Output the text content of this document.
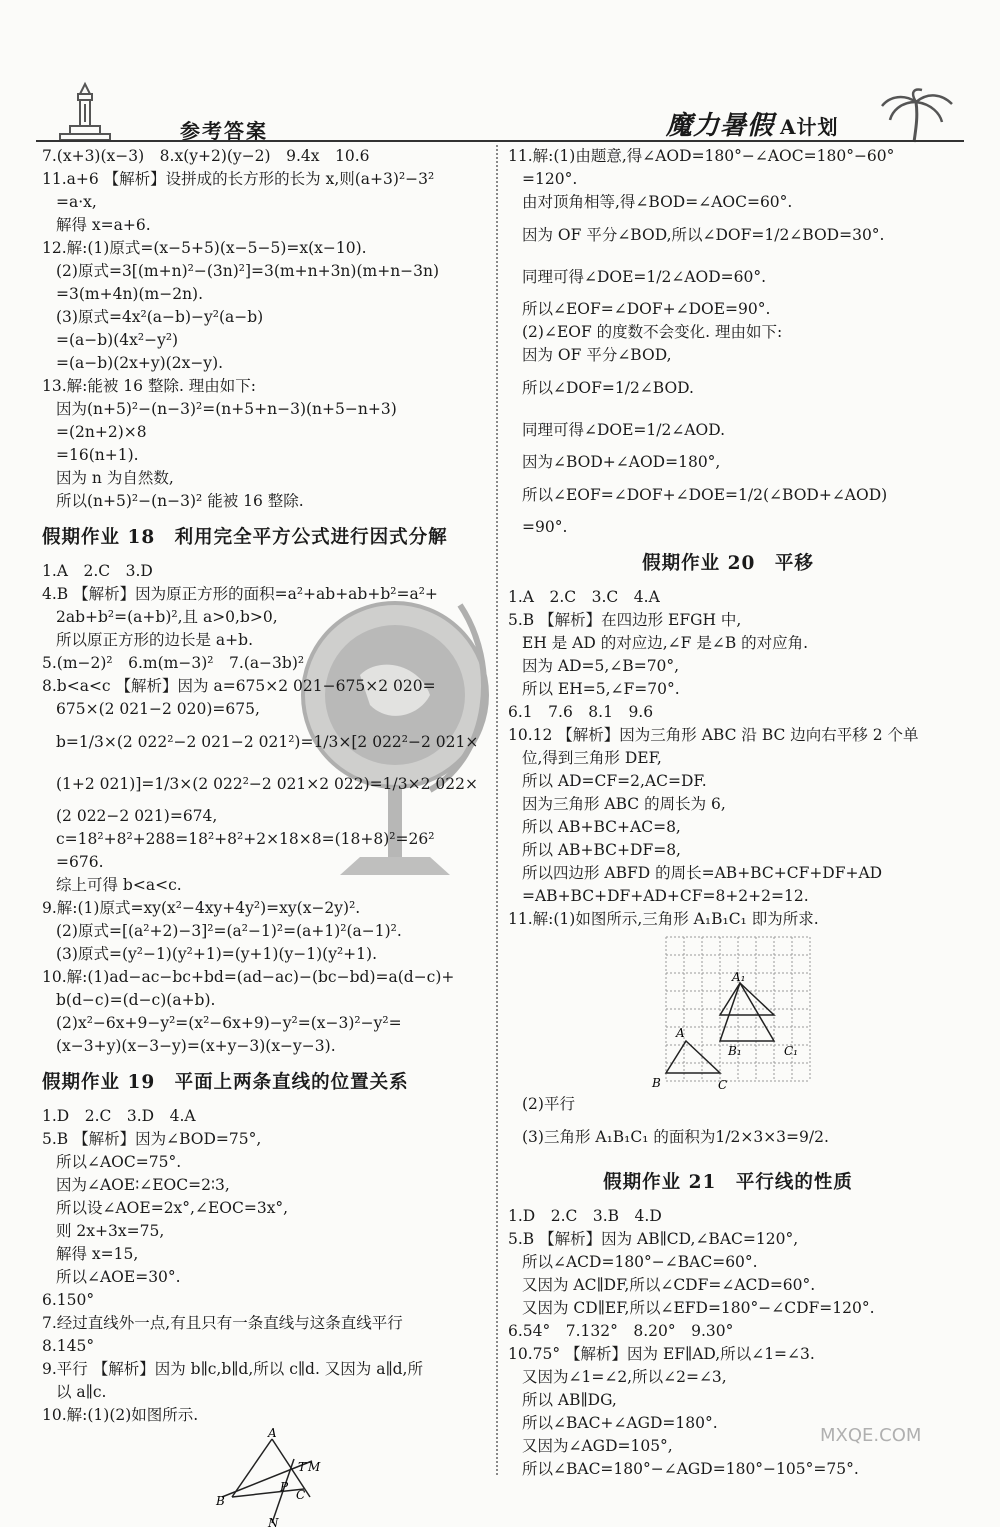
参考答案	魔力暑假 A计划
7.(x+3)(x−3)　8.x(y+2)(y−2)　9.4x　10.6
11.a+6 【解析】设拼成的长方形的长为 x,则(a+3)²−3²
=a·x,
解得 x=a+6.
12.解:(1)原式=(x−5+5)(x−5−5)=x(x−10).
(2)原式=3[(m+n)²−(3n)²]=3(m+n+3n)(m+n−3n)
=3(m+4n)(m−2n).
(3)原式=4x²(a−b)−y²(a−b)
=(a−b)(4x²−y²)
=(a−b)(2x+y)(2x−y).
13.解:能被 16 整除. 理由如下:
因为(n+5)²−(n−3)²=(n+5+n−3)(n+5−n+3)
=(2n+2)×8
=16(n+1).
因为 n 为自然数,
所以(n+5)²−(n−3)² 能被 16 整除.
假期作业 18　利用完全平方公式进行因式分解
1.A　2.C　3.D
4.B 【解析】因为原正方形的面积=a²+ab+ab+b²=a²+
2ab+b²=(a+b)²,且 a>0,b>0,
所以原正方形的边长是 a+b.
5.(m−2)²　6.m(m−3)²　7.(a−3b)²
8.b<a<c 【解析】因为 a=675×2 021−675×2 020=
675×(2 021−2 020)=675,
b=1/3×(2 022²−2 021−2 021²)=1/3×[2 022²−2 021×
(1+2 021)]=1/3×(2 022²−2 021×2 022)=1/3×2 022×
(2 022−2 021)=674,
c=18²+8²+288=18²+8²+2×18×8=(18+8)²=26²
=676.
综上可得 b<a<c.
9.解:(1)原式=xy(x²−4xy+4y²)=xy(x−2y)².
(2)原式=[(a²+2)−3]²=(a²−1)²=(a+1)²(a−1)².
(3)原式=(y²−1)(y²+1)=(y+1)(y−1)(y²+1).
10.解:(1)ad−ac−bc+bd=(ad−ac)−(bc−bd)=a(d−c)+
b(d−c)=(d−c)(a+b).
(2)x²−6x+9−y²=(x²−6x+9)−y²=(x−3)²−y²=
(x−3+y)(x−3−y)=(x+y−3)(x−y−3).
假期作业 19　平面上两条直线的位置关系
1.D　2.C　3.D　4.A
5.B 【解析】因为∠BOD=75°,
所以∠AOC=75°.
因为∠AOE∶∠EOC=2∶3,
所以设∠AOE=2x°,∠EOC=3x°,
则 2x+3x=75,
解得 x=15,
所以∠AOE=30°.
6.150°
7.经过直线外一点,有且只有一条直线与这条直线平行
8.145°
9.平行 【解析】因为 b∥c,b∥d,所以 c∥d. 又因为 a∥d,所
以 a∥c.
10.解:(1)(2)如图所示.
A
B
T M
P
C
N
11.解:(1)由题意,得∠AOD=180°−∠AOC=180°−60°
=120°.
由对顶角相等,得∠BOD=∠AOC=60°.
因为 OF 平分∠BOD,所以∠DOF=1/2∠BOD=30°.
同理可得∠DOE=1/2∠AOD=60°.
所以∠EOF=∠DOF+∠DOE=90°.
(2)∠EOF 的度数不会变化. 理由如下:
因为 OF 平分∠BOD,
所以∠DOF=1/2∠BOD.
同理可得∠DOE=1/2∠AOD.
因为∠BOD+∠AOD=180°,
所以∠EOF=∠DOF+∠DOE=1/2(∠BOD+∠AOD)
=90°.
假期作业 20　平移
1.A　2.C　3.C　4.A
5.B 【解析】在四边形 EFGH 中,
EH 是 AD 的对应边,∠F 是∠B 的对应角.
因为 AD=5,∠B=70°,
所以 EH=5,∠F=70°.
6.1　7.6　8.1　9.6
10.12 【解析】因为三角形 ABC 沿 BC 边向右平移 2 个单
位,得到三角形 DEF,
所以 AD=CF=2,AC=DF.
因为三角形 ABC 的周长为 6,
所以 AB+BC+AC=8,
所以 AB+BC+DF=8,
所以四边形 ABFD 的周长=AB+BC+CF+DF+AD
=AB+BC+DF+AD+CF=8+2+2=12.
11.解:(1)如图所示,三角形 A₁B₁C₁ 即为所求.
A₁
A
B₁	C₁
B	C
(2)平行
(3)三角形 A₁B₁C₁ 的面积为1/2×3×3=9/2.
假期作业 21　平行线的性质
1.D　2.C　3.B　4.D
5.B 【解析】因为 AB∥CD,∠BAC=120°,
所以∠ACD=180°−∠BAC=60°.
又因为 AC∥DF,所以∠CDF=∠ACD=60°.
又因为 CD∥EF,所以∠EFD=180°−∠CDF=120°.
6.54°　7.132°　8.20°　9.30°
10.75° 【解析】因为 EF∥AD,所以∠1=∠3.
又因为∠1=∠2,所以∠2=∠3,
所以 AB∥DG,
所以∠BAC+∠AGD=180°.
又因为∠AGD=105°,
所以∠BAC=180°−∠AGD=180°−105°=75°.
MXQE.COM
